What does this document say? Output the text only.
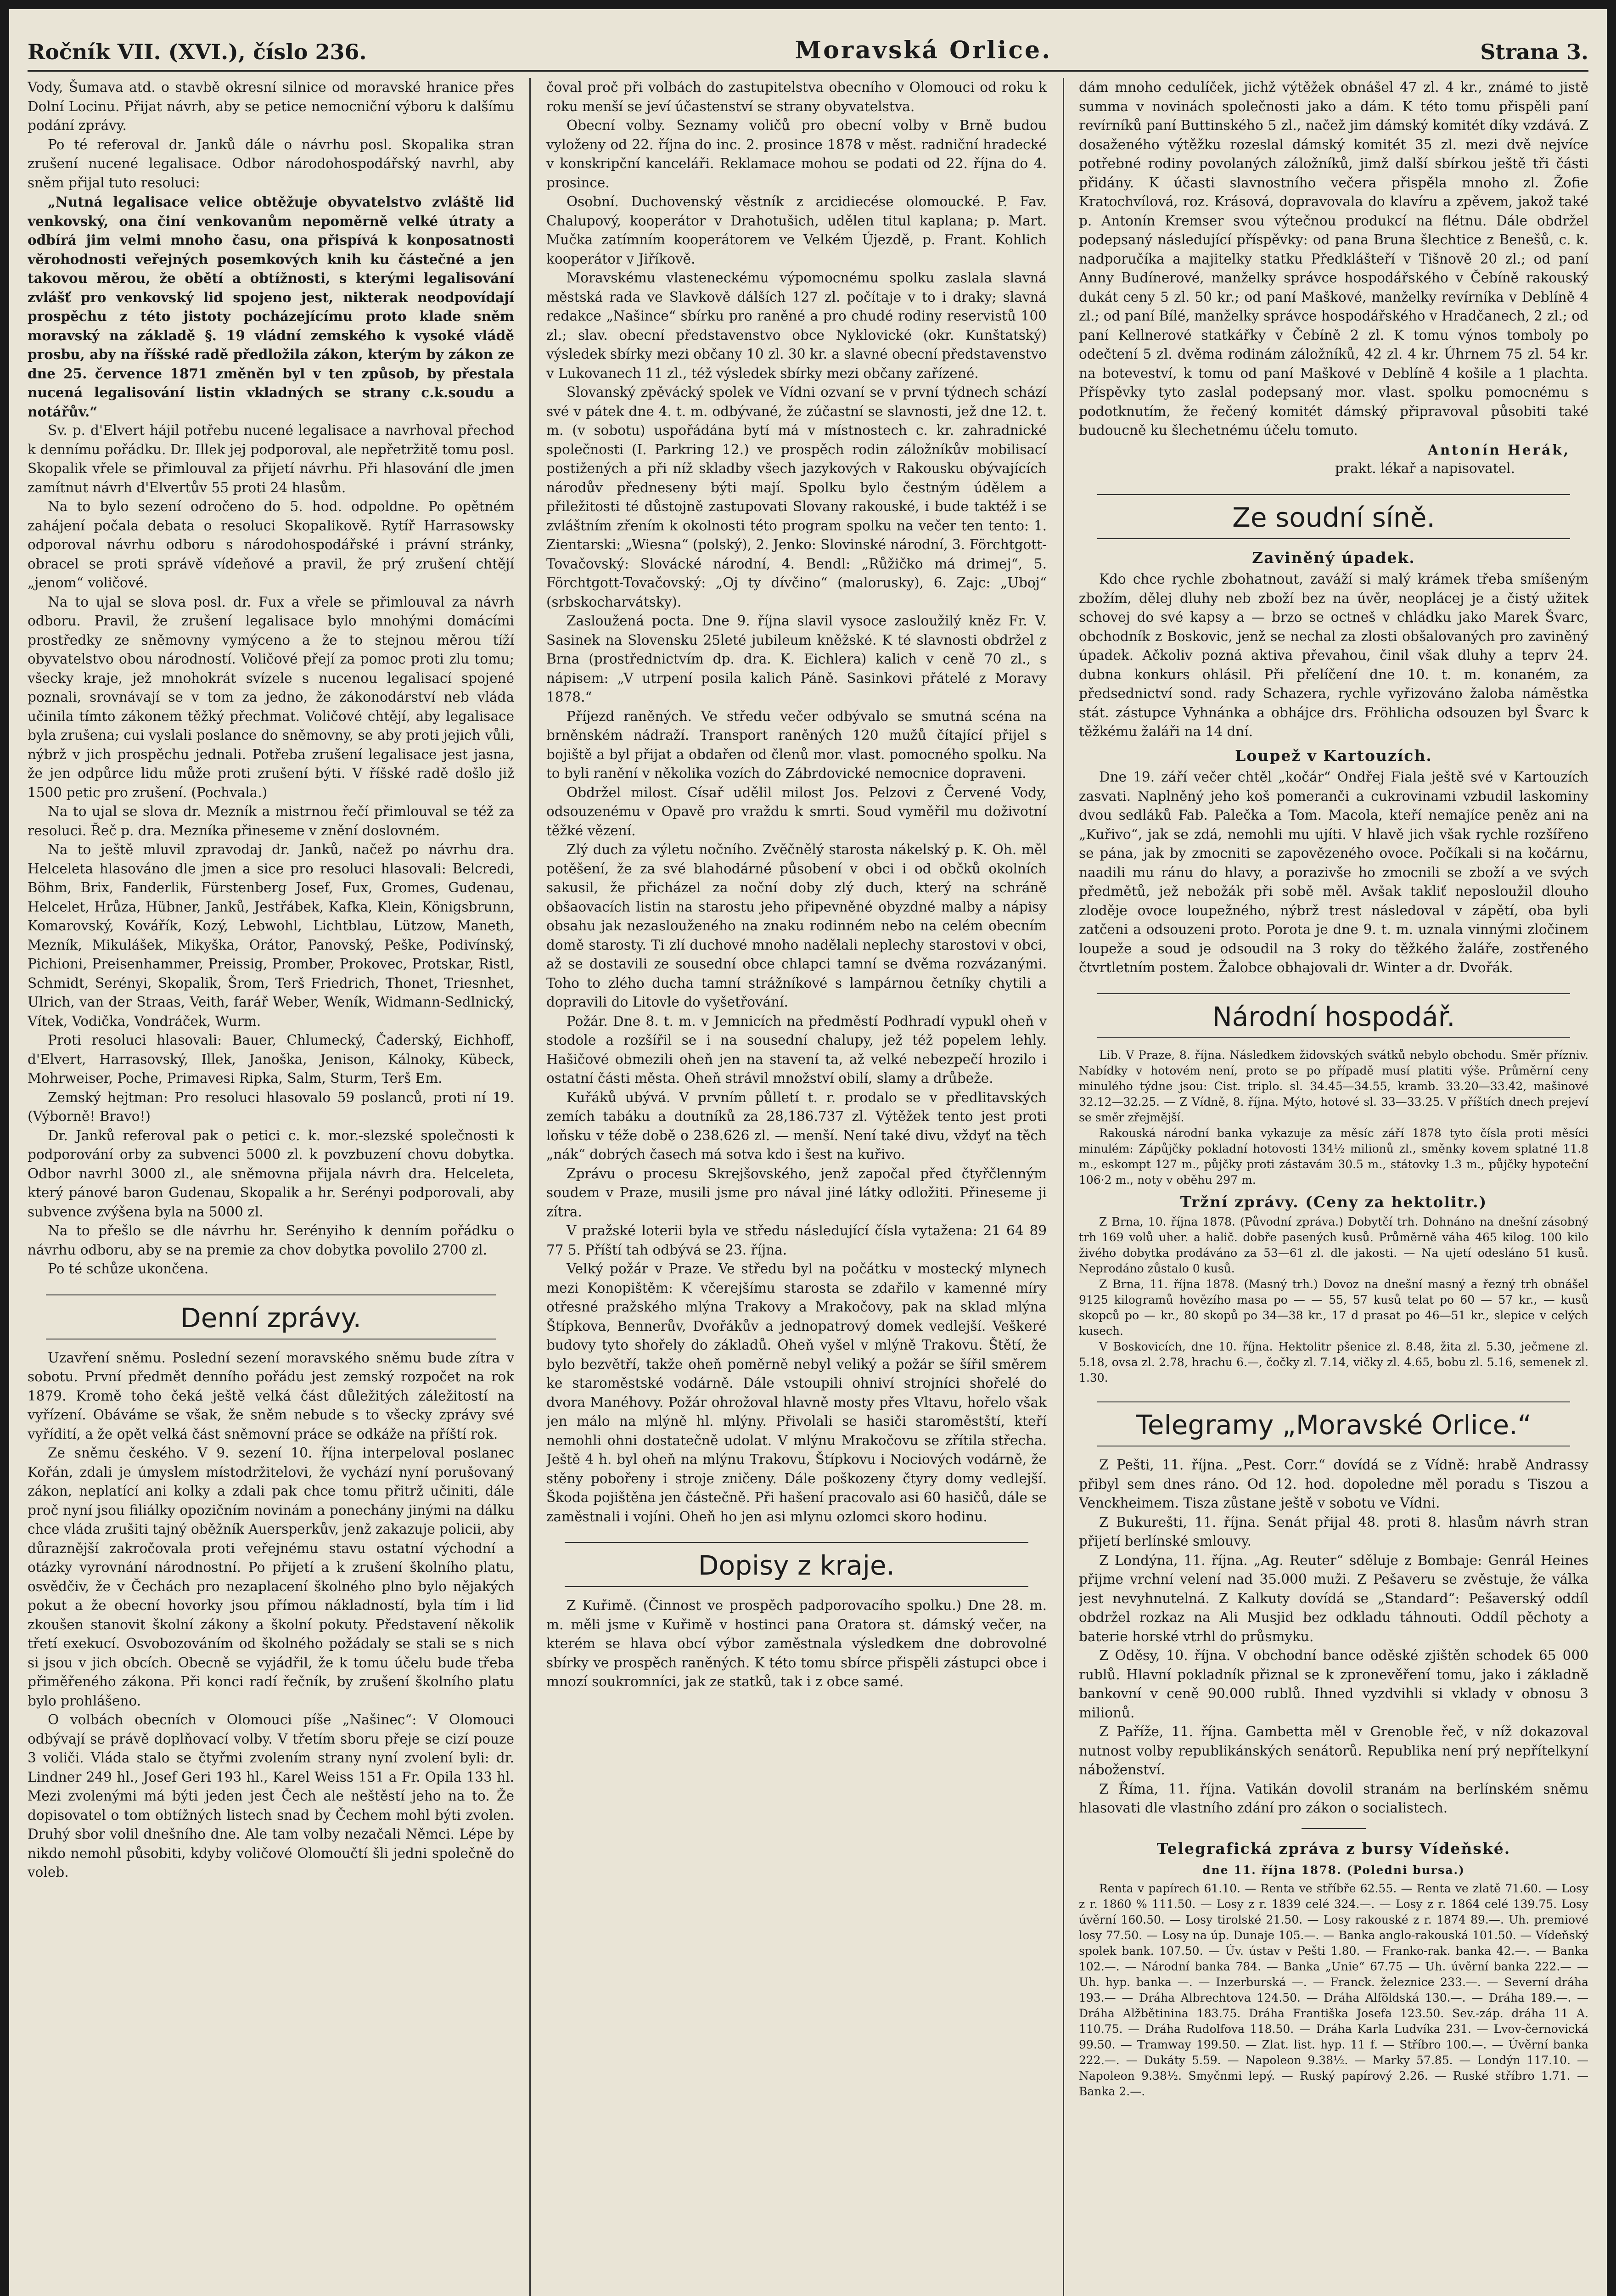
Ročník VII. (XVI.), číslo 236.	Moravská Orlice.	Strana 3.

Vody, Šumava atd. o stavbě okresní silnice od moravské hranice přes Dolní Locinu. Přijat návrh, aby se petice nemocniční výboru k dalšímu podání zprávy.

Po té referoval dr. Janků dále o návrhu posl. Skopalika stran zrušení nucené legalisace. Odbor národohospodářský navrhl, aby sněm přijal tuto resoluci:

„Nutná legalisace velice obtěžuje obyvatelstvo zvláště lid venkovský, ona činí venkovanům nepoměrně velké útraty a odbírá jim velmi mnoho času, ona přispívá k konposatnosti věrohodnosti veřejných posemkových knih ku částečné a jen takovou měrou, že obětí a obtížnosti, s kterými legalisování zvlášť pro venkovský lid spojeno jest, nikterak neodpovídají prospěchu z této jistoty pocházejícímu proto klade sněm moravský na základě §. 19 vládní zemského k vysoké vládě prosbu, aby na říšské radě předložila zákon, kterým by zákon ze dne 25. července 1871 změněn byl v ten způsob, by přestala nucená legalisování listin vkladných se strany c.k.soudu a notářův.“

Sv. p. d'Elvert hájil potřebu nucené legalisace a navrhoval přechod k dennímu pořádku. Dr. Illek jej podporoval, ale nepřetržitě tomu posl. Skopalik vřele se přimlouval za přijetí návrhu. Při hlasování dle jmen zamítnut návrh d'Elvertův 55 proti 24 hlasům.

Na to bylo sezení odročeno do 5. hod. odpoldne. Po opětném zahájení počala debata o resoluci Skopalikově. Rytíř Harrasowsky odporoval návrhu odboru s národohospodářské i právní stránky, obracel se proti správě vídeňové a pravil, že prý zrušení chtějí „jenom“ voličové.

Na to ujal se slova posl. dr. Fux a vřele se přimlouval za návrh odboru. Pravil, že zrušení legalisace bylo mnohými domácími prostředky ze sněmovny vymýceno a že to stejnou měrou tíží obyvatelstvo obou národností. Voličové přejí za pomoc proti zlu tomu; všecky kraje, jež mnohokrát svízele s nucenou legalisací spojené poznali, srovnávají se v tom za jedno, že zákonodárství neb vláda učinila tímto zákonem těžký přechmat. Voličové chtějí, aby legalisace byla zrušena; cui vyslali poslance do sněmovny, se aby proti jejich vůli, nýbrž v jich prospěchu jednali. Potřeba zrušení legalisace jest jasna, že jen odpůrce lidu může proti zrušení býti. V říšské radě došlo již 1500 petic pro zrušení. (Pochvala.)

Na to ujal se slova dr. Mezník a mistrnou řečí přimlouval se též za resoluci. Řeč p. dra. Mezníka přineseme v znění doslovném.

Na to ještě mluvil zpravodaj dr. Janků, načež po návrhu dra. Helceleta hlasováno dle jmen a sice pro resoluci hlasovali: Belcredi, Böhm, Brix, Fanderlik, Fürstenberg Josef, Fux, Gromes, Gudenau, Helcelet, Hrůza, Hübner, Janků, Jestřábek, Kafka, Klein, Königsbrunn, Komarovský, Kovářík, Kozý, Lebwohl, Lichtblau, Lützow, Maneth, Mezník, Mikulášek, Mikyška, Orátor, Panovský, Peške, Podivínský, Pichioni, Preisenhammer, Preissig, Promber, Prokovec, Protskar, Ristl, Schmidt, Serényi, Skopalik, Šrom, Terš Friedrich, Thonet, Triesnhet, Ulrich, van der Straas, Veith, farář Weber, Weník, Widmann-Sedlnický, Vítek, Vodička, Vondráček, Wurm.

Proti resoluci hlasovali: Bauer, Chlumecký, Čaderský, Eichhoff, d'Elvert, Harrasovský, Illek, Janoška, Jenison, Kálnoky, Kübeck, Mohrweiser, Poche, Primavesi Ripka, Salm, Sturm, Terš Em.

Zemský hejtman: Pro resoluci hlasovalo 59 poslanců, proti ní 19. (Výborně! Bravo!)

Dr. Janků referoval pak o petici c. k. mor.-slezské společnosti k podporování orby za subvenci 5000 zl. k povzbuzení chovu dobytka. Odbor navrhl 3000 zl., ale sněmovna přijala návrh dra. Helceleta, který pánové baron Gudenau, Skopalik a hr. Serényi podporovali, aby subvence zvýšena byla na 5000 zl.

Na to přešlo se dle návrhu hr. Serényiho k denním pořádku o návrhu odboru, aby se na premie za chov dobytka povolilo 2700 zl.

Po té schůze ukončena.

Denní zprávy.

Uzavření sněmu. Poslední sezení moravského sněmu bude zítra v sobotu. První předmět denního pořádu jest zemský rozpočet na rok 1879. Kromě toho čeká ještě velká část důležitých záležitostí na vyřízení. Obáváme se však, že sněm nebude s to všecky zprávy své vyřídití, a že opět velká část sněmovní práce se odkáže na příští rok.

Ze sněmu českého. V 9. sezení 10. října interpeloval poslanec Kořán, zdali je úmyslem místodržitelovi, že vychází nyní porušovaný zákon, neplatící ani kolky a zdali pak chce tomu přitrž učiniti, dále proč nyní jsou filiálky opozičním novinám a ponechány jinými na dálku chce vláda zrušiti tajný oběžník Auersperkův, jenž zakazuje policii, aby důraznější zakročovala proti veřejnému stavu ostatní východní a otázky vyrovnání národnostní. Po přijetí a k zrušení školního platu, osvědčiv, že v Čechách pro nezaplacení školného plno bylo nějakých pokut a že obecní hovorky jsou přímou nákladností, byla tím i lid zkoušen stanovit školní zákony a školní pokuty. Představení několik třetí exekucí. Osvobozováním od školného požádaly se stali se s nich si jsou v jich obcích. Obecně se vyjádřil, že k tomu účelu bude třeba přiměřeného zákona. Při konci radí řečník, by zrušení školního platu bylo prohlášeno.

O volbách obecních v Olomouci píše „Našinec“: V Olomouci odbývají se právě doplňovací volby. V třetím sboru přeje se cizí pouze 3 voliči. Vláda stalo se čtyřmi zvolením strany nyní zvolení byli: dr. Lindner 249 hl., Josef Geri 193 hl., Karel Weiss 151 a Fr. Opila 133 hl. Mezi zvolenými má býti jeden jest Čech ale neštěstí jeho na to. Že dopisovatel o tom obtížných listech snad by Čechem mohl býti zvolen. Druhý sbor volil dnešního dne. Ale tam volby nezačali Němci. Lépe by nikdo nemohl působiti, kdyby voličové Olomoučtí šli jedni společně do voleb.

čoval proč při volbách do zastupitelstva obecního v Olomouci od roku k roku menší se jeví účastenství se strany obyvatelstva.

Obecní volby. Seznamy voličů pro obecní volby v Brně budou vyloženy od 22. října do inc. 2. prosince 1878 v měst. radniční hradecké v konskripční kanceláři. Reklamace mohou se podati od 22. října do 4. prosince.

Osobní. Duchovenský věstník z arcidiecése olomoucké. P. Fav. Chalupový, kooperátor v Drahotušich, udělen titul kaplana; p. Mart. Mučka zatímním kooperátorem ve Velkém Újezdě, p. Frant. Kohlich kooperátor v Jiříkově.

Moravskému vlasteneckému výpomocnému spolku zaslala slavná městská rada ve Slavkově dálších 127 zl. počítaje v to i draky; slavná redakce „Našince“ sbírku pro raněné a pro chudé rodiny reservistů 100 zl.; slav. obecní představenstvo obce Nyklovické (okr. Kunštatský) výsledek sbírky mezi občany 10 zl. 30 kr. a slavné obecní představenstvo v Lukovanech 11 zl., též výsledek sbírky mezi občany zařízené.

Slovanský zpěvácký spolek ve Vídni ozvaní se v první týdnech schází své v pátek dne 4. t. m. odbývané, že zúčastní se slavnosti, jež dne 12. t. m. (v sobotu) uspořádána bytí má v místnostech c. kr. zahradnické společnosti (I. Parkring 12.) ve prospěch rodin záložníkův mobilisací postižených a při níž skladby všech jazykových v Rakousku obývajících národův předneseny býti mají. Spolku bylo čestným údělem a přiležitosti té důstojně zastupovati Slovany rakouské, i bude taktéž i se zvláštním zřením k okolnosti této program spolku na večer ten tento: 1. Zientarski: „Wiesna“ (polský), 2. Jenko: Slovinské národní, 3. Förchtgott-Tovačovský: Slovácké národní, 4. Bendl: „Růžičko má drimej“, 5. Förchtgott-Tovačovský: „Oj ty dívčino“ (malorusky), 6. Zajc: „Uboj“ (srbskocharvátsky).

Zasloužená pocta. Dne 9. října slavil vysoce zasloužilý kněz Fr. V. Sasinek na Slovensku 25leté jubileum kněžské. K té slavnosti obdržel z Brna (prostřednictvím dp. dra. K. Eichlera) kalich v ceně 70 zl., s nápisem: „V utrpení posila kalich Páně. Sasinkovi přátelé z Moravy 1878.“

Příjezd raněných. Ve středu večer odbývalo se smutná scéna na brněnském nádraží. Transport raněných 120 mužů čítající přijel s bojiště a byl přijat a obdařen od členů mor. vlast. pomocného spolku. Na to byli ranění v několika vozích do Zábrdovické nemocnice dopraveni.

Obdržel milost. Císař udělil milost Jos. Pelzovi z Červené Vody, odsouzenému v Opavě pro vraždu k smrti. Soud vyměřil mu doživotní těžké vězení.

Zlý duch za výletu nočního. Zvěčnělý starosta nákelský p. K. Oh. měl potěšení, že za své blahodárné působení v obci i od občků okolních sakusil, že přicházel za noční doby zlý duch, který na schráně obšaovacích listin na starostu jeho připevněné obyzdné malby a nápisy obsahu jak nezaslouženého na znaku rodinném nebo na celém obecním domě starosty. Ti zlí duchové mnoho nadělali neplechy starostovi v obci, až se dostavili ze sousední obce chlapci tamní se dvěma rozvázanými. Toho to zlého ducha tamní strážníkové s lampárnou četníky chytili a dopravili do Litovle do vyšetřování.

Požár. Dne 8. t. m. v Jemnicích na předměstí Podhradí vypukl oheň v stodole a rozšířil se i na sousední chalupy, jež též popelem lehly. Hašičové obmezili oheň jen na stavení ta, až velké nebezpečí hrozilo i ostatní části města. Oheň strávil množství obilí, slamy a drůbeže.

Kuřáků ubývá. V prvním půlletí t. r. prodalo se v předlitavských zemích tabáku a doutníků za 28,186.737 zl. Výtěžek tento jest proti loňsku v téže době o 238.626 zl. — menší. Není také divu, vždyť na těch „nák“ dobrých časech má sotva kdo i šest na kuřivo.

Zprávu o procesu Skrejšovského, jenž započal před čtyřčlenným soudem v Praze, musili jsme pro nával jiné látky odložiti. Přineseme ji zítra.

V pražské loterii byla ve středu následující čísla vytažena: 21 64 89 77 5. Příští tah odbývá se 23. října.

Velký požár v Praze. Ve středu byl na počátku v mostecký mlynech mezi Konopištěm: K včerejšímu starosta se zdařilo v kamenné míry otřesné pražského mlýna Trakovy a Mrakočovy, pak na sklad mlýna Štípkova, Bennerův, Dvořákův a jednopatrový domek vedlejší. Veškeré budovy tyto shořely do základů. Oheň vyšel v mlýně Trakovu. Štětí, že bylo bezvětří, takže oheň poměrně nebyl veliký a požár se šířil směrem ke staroměstské vodárně. Dále vstoupili ohniví strojníci shořelé do dvora Manéhovy. Požár ohrožoval hlavně mosty přes Vltavu, hořelo však jen málo na mlýně hl. mlýny. Přivolali se hasiči staroměstští, kteří nemohli ohni dostatečně udolat. V mlýnu Mrakočovu se zřítila střecha. Ještě 4 h. byl oheň na mlýnu Trakovu, Štípkovu i Nociových vodárně, že stěny pobořeny i stroje zničeny. Dále poškozeny čtyry domy vedlejší. Škoda pojištěna jen částečně. Při hašení pracovalo asi 60 hasičů, dále se zaměstnali i vojíni. Oheň ho jen asi mlynu ozlomci skoro hodinu.

Dopisy z kraje.

Z Kuřimě. (Činnost ve prospěch padporovacího spolku.) Dne 28. m. m. měli jsme v Kuřimě v hostinci pana Oratora st. dámský večer, na kterém se hlava obcí výbor zaměstnala výsledkem dne dobrovolné sbírky ve prospěch raněných. K této tomu sbírce přispěli zástupci obce i mnozí soukromníci, jak ze statků, tak i z obce samé.

dám mnoho cedulíček, jichž výtěžek obnášel 47 zl. 4 kr., známé to jistě summa v novinách společnosti jako a dám. K této tomu přispěli paní revírníků paní Buttinského 5 zl., načež jim dámský komitét díky vzdává. Z dosaženého výtěžku rozeslal dámský komitét 35 zl. mezi dvě nejvíce potřebné rodiny povolaných záložníků, jimž další sbírkou ještě tři části přidány. K účasti slavnostního večera přispěla mnoho zl. Žofie Kratochvílová, roz. Krásová, dopravovala do klavíru a zpěvem, jakož také p. Antonín Kremser svou výtečnou produkcí na flétnu. Dále obdržel podepsaný následující příspěvky: od pana Bruna šlechtice z Benešů, c. k. nadporučíka a majitelky statku Předklášteří v Tišnově 20 zl.; od paní Anny Budínerové, manželky správce hospodářského v Čebíně rakouský dukát ceny 5 zl. 50 kr.; od paní Maškové, manželky revírníka v Deblíně 4 zl.; od paní Bílé, manželky správce hospodářského v Hradčanech, 2 zl.; od paní Kellnerové statkářky v Čebíně 2 zl. K tomu výnos tomboly po odečtení 5 zl. dvěma rodinám záložníků, 42 zl. 4 kr. Úhrnem 75 zl. 54 kr. na boteveství, k tomu od paní Maškové v Deblíně 4 košile a 1 plachta. Příspěvky tyto zaslal podepsaný mor. vlast. spolku pomocnému s podotknutím, že řečený komitét dámský připravoval působiti také budoucně ku šlechetnému účelu tomuto.

Antonín Herák,

prakt. lékař a napisovatel.

Ze soudní síně.
Zaviněný úpadek.

Kdo chce rychle zbohatnout, zaváží si malý krámek třeba smíšeným zbožím, dělej dluhy neb zboží bez na úvěr, neoplácej je a čistý užitek schovej do své kapsy a — brzo se octneš v chládku jako Marek Švarc, obchodník z Boskovic, jenž se nechal za zlosti obšalovaných pro zaviněný úpadek. Ačkoliv pozná aktiva převahou, činil však dluhy a teprv 24. dubna konkurs ohlásil. Při přelíčení dne 10. t. m. konaném, za předsednictví sond. rady Schazera, rychle vyřizováno žaloba náměstka stát. zástupce Vyhnánka a obhájce drs. Fröhlicha odsouzen byl Švarc k těžkému žaláři na 14 dní.

Loupež v Kartouzích.

Dne 19. září večer chtěl „kočár“ Ondřej Fiala ještě své v Kartouzích zasvati. Naplněný jeho koš pomeranči a cukrovinami vzbudil laskominy dvou sedláků Fab. Palečka a Tom. Macola, kteří nemajíce peněz ani na „Kuřivo“, jak se zdá, nemohli mu ujíti. V hlavě jich však rychle rozšířeno se pána, jak by zmocniti se zapovězeného ovoce. Počíkali si na kočárnu, naadili mu ránu do hlavy, a porazivše ho zmocnili se zboží a ve svých předmětů, jež nebožák při sobě měl. Avšak takliť neposloužil dlouho zloděje ovoce loupežného, nýbrž trest následoval v zápětí, oba byli zatčeni a odsouzeni proto. Porota je dne 9. t. m. uznala vinnými zločinem loupeže a soud je odsoudil na 3 roky do těžkého žaláře, zostřeného čtvrtletním postem. Žalobce obhajovali dr. Winter a dr. Dvořák.

Národní hospodář.

Lib. V Praze, 8. října. Následkem židovských svátků nebylo obchodu. Směr přízniv. Nabídky v hotovém není, proto se po případě musí platiti výše. Průměrní ceny minulého týdne jsou: Cist. triplo. sl. 34.45—34.55, kramb. 33.20—33.42, mašinové 32.12—32.25. — Z Vídně, 8. října. Mýto, hotové sl. 33—33.25. V příštích dnech prejeví se směr zřejmější.

Rakouská národní banka vykazuje za měsíc září 1878 tyto čísla proti měsíci minulém: Zápůjčky pokladní hotovosti 134½ milionů zl., směnky kovem splatné 11.8 m., eskompt 127 m., půjčky proti zástavám 30.5 m., státovky 1.3 m., půjčky hypoteční 106·2 m., noty v oběhu 297 m.

Tržní zprávy. (Ceny za hektolitr.)

Z Brna, 10. října 1878. (Původní zpráva.) Dobytčí trh. Dohnáno na dnešní zásobný trh 169 volů uher. a halič. dobře pasených kusů. Průměrně váha 465 kilog. 100 kilo živého dobytka prodáváno za 53—61 zl. dle jakosti. — Na ujetí odesláno 51 kusů. Neprodáno zůstalo 0 kusů.

Z Brna, 11. října 1878. (Masný trh.) Dovoz na dnešní masný a řezný trh obnášel 9125 kilogramů hovězího masa po — — 55, 57 kusů telat po 60 — 57 kr., — kusů skopců po — kr., 80 skopů po 34—38 kr., 17 d prasat po 46—51 kr., slepice v celých kusech.

V Boskovicích, dne 10. října. Hektolitr pšenice zl. 8.48, žita zl. 5.30, ječmene zl. 5.18, ovsa zl. 2.78, hrachu 6.—, čočky zl. 7.14, vičky zl. 4.65, bobu zl. 5.16, semenek zl. 1.30.

Telegramy „Moravské Orlice.“

Z Pešti, 11. října. „Pest. Corr.“ dovídá se z Vídně: hrabě Andrassy přibyl sem dnes ráno. Od 12. hod. dopoledne měl poradu s Tiszou a Venckheimem. Tisza zůstane ještě v sobotu ve Vídni.

Z Bukurešti, 11. října. Senát přijal 48. proti 8. hlasům návrh stran přijetí berlínské smlouvy.

Z Londýna, 11. října. „Ag. Reuter“ sděluje z Bombaje: Genrál Heines přijme vrchní velení nad 35.000 muži. Z Pešaveru se zvěstuje, že válka jest nevyhnutelná. Z Kalkuty dovídá se „Standard“: Pešaverský oddíl obdržel rozkaz na Ali Musjid bez odkladu táhnouti. Oddíl pěchoty a baterie horské vtrhl do průsmyku.

Z Oděsy, 10. října. V obchodní bance oděské zjištěn schodek 65 000 rublů. Hlavní pokladník přiznal se k zpronevěření tomu, jako i základně bankovní v ceně 90.000 rublů. Ihned vyzdvihli si vklady v obnosu 3 milionů.

Z Paříže, 11. října. Gambetta měl v Grenoble řeč, v níž dokazoval nutnost volby republikánských senátorů. Republika není prý nepřítelkyní náboženství.

Z Říma, 11. října. Vatikán dovolil stranám na berlínském sněmu hlasovati dle vlastního zdání pro zákon o socialistech.

Telegrafická zpráva z bursy Vídeňské.
dne 11. října 1878. (Poledni bursa.)

Renta v papírech 61.10. — Renta ve stříbře 62.55. — Renta ve zlatě 71.60. — Losy z r. 1860 % 111.50. — Losy z r. 1839 celé 324.—. — Losy z r. 1864 celé 139.75. Losy úvěrní 160.50. — Losy tirolské 21.50. — Losy rakouské z r. 1874 89.—. Uh. premiové losy 77.50. — Losy na úp. Dunaje 105.—. — Banka anglo-rakouská 101.50. — Vídeňský spolek bank. 107.50. — Úv. ústav v Pešti 1.80. — Franko-rak. banka 42.—. — Banka 102.—. — Národní banka 784. — Banka „Unie“ 67.75 — Uh. úvěrní banka 222.— — Uh. hyp. banka —. — Inzerburská —. — Franck. železnice 233.—. — Severní dráha 193.— — Dráha Albrechtova 124.50. — Dráha Alföldská 130.—. — Dráha 189.—. — Dráha Alžbětinina 183.75. Dráha Františka Josefa 123.50. Sev.-záp. dráha 11 A. 110.75. — Dráha Rudolfova 118.50. — Dráha Karla Ludvíka 231. — Lvov-černovická 99.50. — Tramway 199.50. — Zlat. list. hyp. 11 f. — Stříbro 100.—. — Úvěrní banka 222.—. — Dukáty 5.59. — Napoleon 9.38½. — Marky 57.85. — Londýn 117.10. — Napoleon 9.38½. Smyčnmi lepý. — Ruský papírový 2.26. — Ruské stříbro 1.71. — Banka 2.—.
